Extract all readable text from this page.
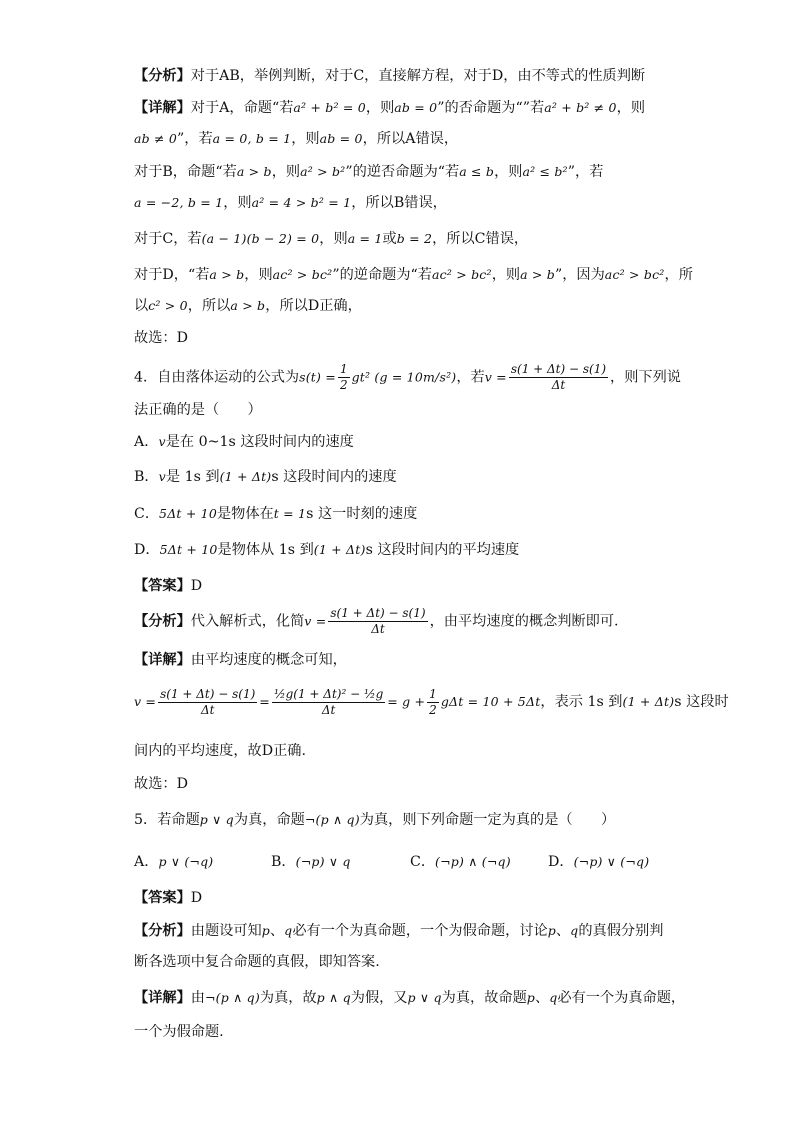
【分析】对于AB，举例判断，对于C，直接解方程，对于D，由不等式的性质判断
【详解】对于A，命题“若a² + b² = 0，则ab = 0”的否命题为“”若a² + b² ≠ 0，则
ab ≠ 0”，若a = 0, b = 1，则ab = 0，所以A错误，
对于B，命题“若a > b，则a² > b²”的逆否命题为“若a ≤ b，则a² ≤ b²”，若
a = −2, b = 1，则a² = 4 > b² = 1，所以B错误，
对于C，若(a − 1)(b − 2) = 0，则a = 1或b = 2，所以C错误，
对于D，“若a > b，则ac² > bc²”的逆命题为“若ac² > bc²，则a > b”，因为ac² > bc²，所
以c² > 0，所以a > b，所以D正确，
故选：D
4．自由落体运动的公式为$s(t) = \frac{1}{2} gt^2$ (g = 10m/s²)，若$v = \frac{s(1 + \Delta t) - s(1)}{\Delta t}$ ，则下列说
法正确的是（　　）
A．v是在 0~1s 这段时间内的速度
B．v是 1s 到(1 + Δt)s 这段时间内的速度
C．5Δt + 10是物体在t = 1s 这一时刻的速度
D．5Δt + 10是物体从 1s 到(1 + Δt)s 这段时间内的平均速度
【答案】D
【分析】代入解析式，化简$v = \frac{s(1 + \Delta t) - s(1)}{\Delta t}$ ，由平均速度的概念判断即可.
【详解】由平均速度的概念可知，
$v = \frac{s(1 + \Delta t) - s(1)}{\Delta t} = \frac{\text{½g(1 + Δt)² − ½g}}{\Delta t} = g + \frac{1}{2}$ gΔt = 10 + 5Δt，表示 1s 到(1 + Δt)s 这段时
间内的平均速度，故D正确.
故选：D
5．若命题p ∨ q为真，命题¬(p ∧ q)为真，则下列命题一定为真的是（　　）
A．p ∨ (¬q)	B．(¬p) ∨ q	C．(¬p) ∧ (¬q)	D．(¬p) ∨ (¬q)
【答案】D
【分析】由题设可知p、q必有一个为真命题，一个为假命题，讨论p、q的真假分别判
断各选项中复合命题的真假，即知答案.
【详解】由¬(p ∧ q)为真，故p ∧ q为假，又p ∨ q为真，故命题p、q必有一个为真命题，
一个为假命题.
